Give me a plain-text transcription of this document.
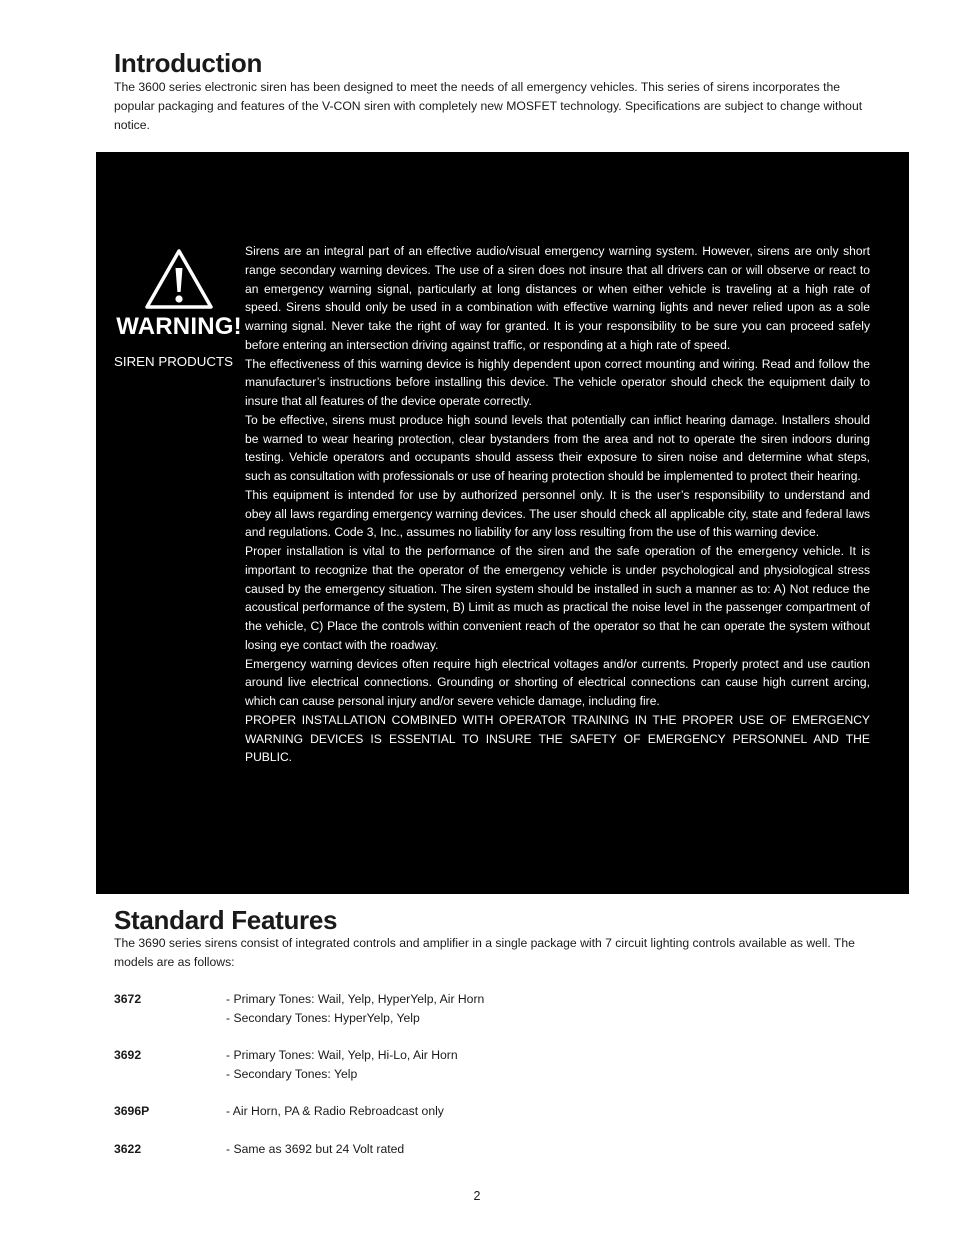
Introduction

The 3600 series electronic siren has been designed to meet the needs of all emergency vehicles. This series of sirens incorporates the popular packaging and features of the V-CON siren with completely new MOSFET technology. Specifications are subject to change without notice.

WARNING!
SIREN PRODUCTS

Sirens are an integral part of an effective audio/visual emergency warning system. However, sirens are only short range secondary warning devices. The use of a siren does not insure that all drivers can or will observe or react to an emergency warning signal, particularly at long distances or when either vehicle is traveling at a high rate of speed. Sirens should only be used in a combination with effective warning lights and never relied upon as a sole warning signal. Never take the right of way for granted. It is your responsibility to be sure you can proceed safely before entering an intersection driving against traffic, or responding at a high rate of speed.

The effectiveness of this warning device is highly dependent upon correct mounting and wiring. Read and follow the manufacturer’s instructions before installing this device. The vehicle operator should check the equipment daily to insure that all features of the device operate correctly.

To be effective, sirens must produce high sound levels that potentially can inflict hearing damage. Installers should be warned to wear hearing protection, clear bystanders from the area and not to operate the siren indoors during testing. Vehicle operators and occupants should assess their exposure to siren noise and determine what steps, such as consultation with professionals or use of hearing protection should be implemented to protect their hearing.

This equipment is intended for use by authorized personnel only. It is the user’s responsibility to understand and obey all laws regarding emergency warning devices. The user should check all applicable city, state and federal laws and regulations. Code 3, Inc., assumes no liability for any loss resulting from the use of this warning device.

Proper installation is vital to the performance of the siren and the safe operation of the emergency vehicle. It is important to recognize that the operator of the emergency vehicle is under psychological and physiological stress caused by the emergency situation. The siren system should be installed in such a manner as to: A) Not reduce the acoustical performance of the system, B) Limit as much as practical the noise level in the passenger compartment of the vehicle, C) Place the controls within convenient reach of the operator so that he can operate the system without losing eye contact with the roadway.

Emergency warning devices often require high electrical voltages and/or currents. Properly protect and use caution around live electrical connections. Grounding or shorting of electrical connections can cause high current arcing, which can cause personal injury and/or severe vehicle damage, including fire.

PROPER INSTALLATION COMBINED WITH OPERATOR TRAINING IN THE PROPER USE OF EMERGENCY WARNING DEVICES IS ESSENTIAL TO INSURE THE SAFETY OF EMERGENCY PERSONNEL AND THE PUBLIC.

Standard Features

The 3690 series sirens consist of integrated controls and amplifier in a single package with 7 circuit lighting controls available as well. The models are as follows:

3672	- Primary Tones: Wail, Yelp, HyperYelp, Air Horn
- Secondary Tones: HyperYelp, Yelp
3692	- Primary Tones: Wail, Yelp, Hi-Lo, Air Horn
- Secondary Tones: Yelp
3696P	- Air Horn, PA & Radio Rebroadcast only
3622	- Same as 3692 but 24 Volt rated
2
